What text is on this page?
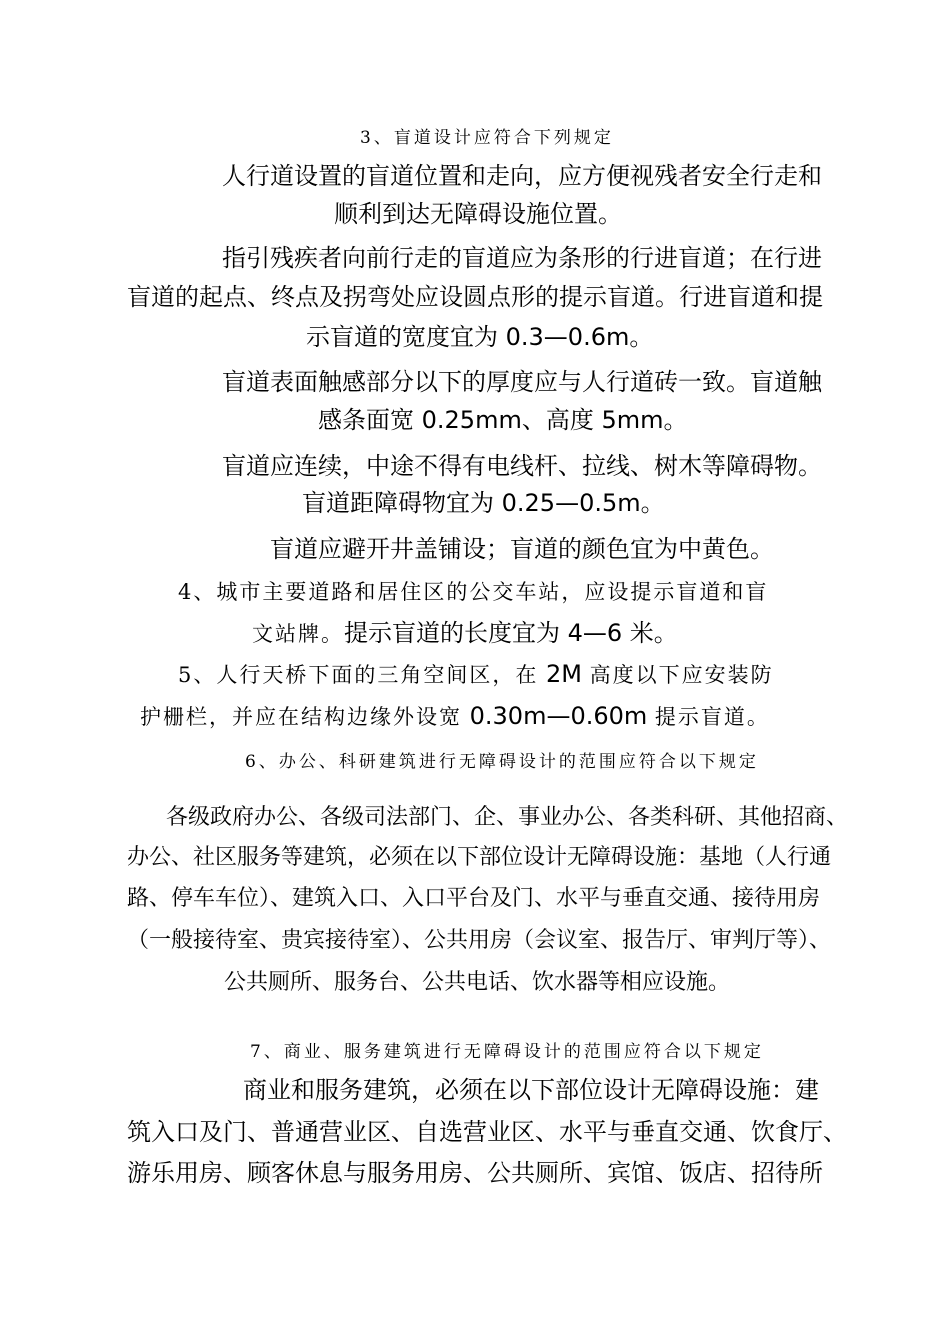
3、盲道设计应符合下列规定
人行道设置的盲道位置和走向，应方便视残者安全行走和
顺利到达无障碍设施位置。
指引残疾者向前行走的盲道应为条形的行进盲道；在行进
盲道的起点、终点及拐弯处应设圆点形的提示盲道。行进盲道和提
示盲道的宽度宜为 0.3—0.6m。
盲道表面触感部分以下的厚度应与人行道砖一致。盲道触
感条面宽 0.25mm、高度 5mm。
盲道应连续，中途不得有电线杆、拉线、树木等障碍物。
盲道距障碍物宜为 0.25—0.5m。
盲道应避开井盖铺设；盲道的颜色宜为中黄色。
4、城市主要道路和居住区的公交车站，应设提示盲道和盲
文站牌。提示盲道的长度宜为 4—6 米。
5、人行天桥下面的三角空间区，在 2M 高度以下应安装防
护栅栏，并应在结构边缘外设宽 0.30m—0.60m 提示盲道。
6、办公、科研建筑进行无障碍设计的范围应符合以下规定
各级政府办公、各级司法部门、企、事业办公、各类科研、其他招商、
办公、社区服务等建筑，必须在以下部位设计无障碍设施：基地（人行通
路、停车车位）、建筑入口、入口平台及门、水平与垂直交通、接待用房
（一般接待室、贵宾接待室）、公共用房（会议室、报告厅、审判厅等）、
公共厕所、服务台、公共电话、饮水器等相应设施。
7、商业、服务建筑进行无障碍设计的范围应符合以下规定
商业和服务建筑，必须在以下部位设计无障碍设施：建
筑入口及门、普通营业区、自选营业区、水平与垂直交通、饮食厅、
游乐用房、顾客休息与服务用房、公共厕所、宾馆、饭店、招待所
